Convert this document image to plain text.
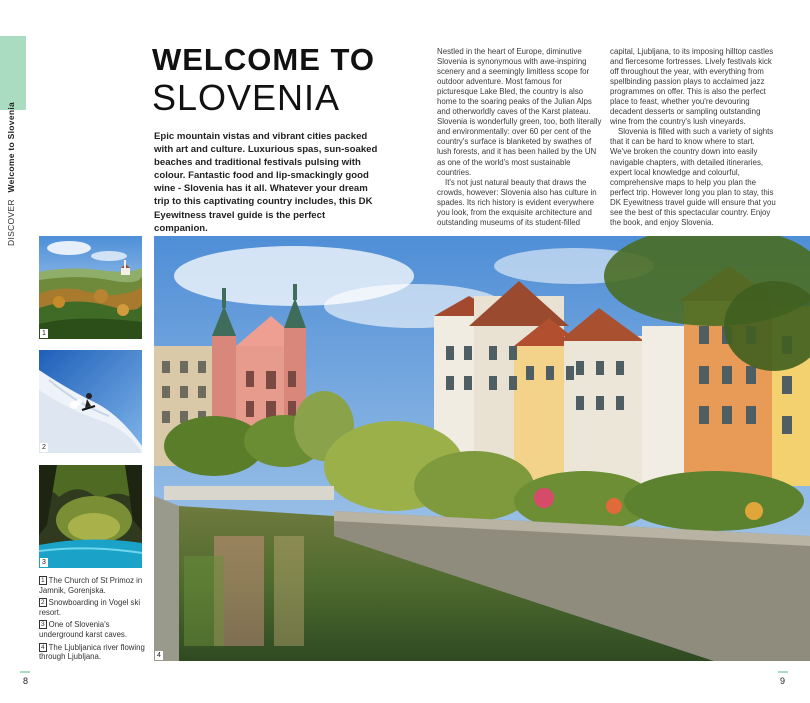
DISCOVER Welcome to Slovenia
WELCOME TO
SLOVENIA
Epic mountain vistas and vibrant cities packed with art and culture. Luxurious spas, sun-soaked beaches and traditional festivals pulsing with colour. Fantastic food and lip-smackingly good wine - Slovenia has it all. Whatever your dream trip to this captivating country includes, this DK Eyewitness travel guide is the perfect companion.

Nestled in the heart of Europe, diminutive Slovenia is synonymous with awe-inspiring scenery and a seemingly limitless scope for outdoor adventure. Most famous for picturesque Lake Bled, the country is also home to the soaring peaks of the Julian Alps and otherworldly caves of the Karst plateau. Slovenia is wonderfully green, too, both literally and environmentally: over 60 per cent of the country's surface is blanketed by swathes of lush forests, and it has been hailed by the UN as one of the world's most sustainable countries.

It's not just natural beauty that draws the crowds, however: Slovenia also has culture in spades. Its rich history is evident everywhere you look, from the exquisite architecture and outstanding museums of its student-filled

capital, Ljubljana, to its imposing hilltop castles and fiercesome fortresses. Lively festivals kick off throughout the year, with everything from spellbinding passion plays to acclaimed jazz programmes on offer. This is also the perfect place to feast, whether you're devouring decadent desserts or sampling outstanding wine from the country's lush vineyards.

Slovenia is filled with such a variety of sights that it can be hard to know where to start. We've broken the country down into easily navigable chapters, with detailed itineraries, expert local knowledge and colourful, comprehensive maps to help you plan the perfect trip. However long you plan to stay, this DK Eyewitness travel guide will ensure that you see the best of this spectacular country. Enjoy the book, and enjoy Slovenia.

1
2
3
4
1 The Church of St Primoz in Jamnik, Gorenjska.
2 Snowboarding in Vogel ski resort.
3 One of Slovenia's underground karst caves.
4 The Ljubljanica river flowing through Ljubljana.
8	9
